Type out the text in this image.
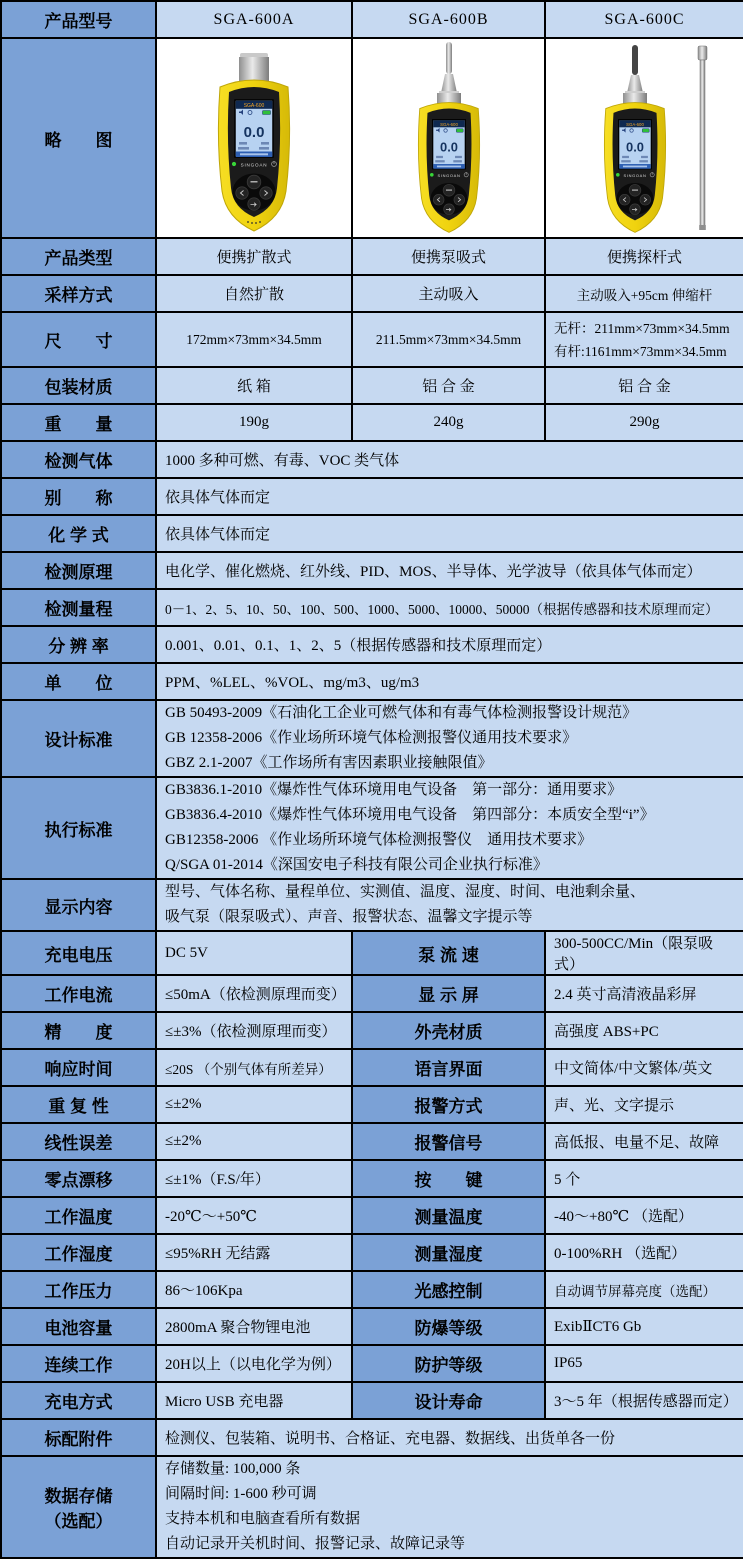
产品型号	SGA-600A	SGA-600B	SGA-600C
略　　图	SGA-600
0.0
SINGOAN	SGA-600
0.0
SINGOAN	SGA-600
0.0
SINGOAN

产品类型	便携扩散式	便携泵吸式	便携探杆式
采样方式	自然扩散	主动吸入	主动吸入+95cm 伸缩杆
尺　　寸	172mm×73mm×34.5mm	211.5mm×73mm×34.5mm	无杆：211mm×73mm×34.5mm
有杆:1161mm×73mm×34.5mm

包装材质	纸 箱	铝 合 金	铝 合 金
重　　量	190g	240g	290g
检测气体	1000 多种可燃、有毒、VOC 类气体		
别　　称	依具体气体而定		
化 学 式	依具体气体而定		
检测原理	电化学、催化燃烧、红外线、PID、MOS、半导体、光学波导（依具体气体而定）		
检测量程	0－1、2、5、10、50、100、500、1000、5000、10000、50000（根据传感器和技术原理而定）		
分 辨 率	0.001、0.01、0.1、1、2、5（根据传感器和技术原理而定）		
单　　位	PPM、%LEL、%VOL、mg/m3、ug/m3		
设计标准	GB 50493-2009《石油化工企业可燃气体和有毒气体检测报警设计规范》
GB 12358-2006《作业场所环境气体检测报警仪通用技术要求》
GBZ 2.1-2007《工作场所有害因素职业接触限值》		

执行标准	GB3836.1-2010《爆炸性气体环境用电气设备　第一部分：通用要求》
GB3836.4-2010《爆炸性气体环境用电气设备　第四部分：本质安全型“i”》
GB12358-2006 《作业场所环境气体检测报警仪　通用技术要求》
Q/SGA 01-2014《深国安电子科技有限公司企业执行标准》		

显示内容	型号、气体名称、量程单位、实测值、温度、湿度、时间、电池剩余量、
吸气泵（限泵吸式）、声音、报警状态、温馨文字提示等		

充电电压	DC 5V	泵 流 速	300-500CC/Min（限泵吸式）
工作电流	≤50mA（依检测原理而变）	显 示 屏	2.4 英寸高清液晶彩屏
精　　度	≤±3%（依检测原理而变）	外壳材质	高强度 ABS+PC
响应时间	≤20S （个别气体有所差异）	语言界面	中文简体/中文繁体/英文
重 复 性	≤±2%	报警方式	声、光、文字提示
线性误差	≤±2%	报警信号	高低报、电量不足、故障
零点漂移	≤±1%（F.S/年）	按　　键	5 个
工作温度	-20℃～+50℃	测量温度	-40～+80℃ （选配）
工作湿度	≤95%RH 无结露	测量湿度	0-100%RH （选配）
工作压力	86～106Kpa	光感控制	自动调节屏幕亮度（选配）
电池容量	2800mA 聚合物锂电池	防爆等级	ExibⅡCT6 Gb
连续工作	20H以上（以电化学为例）	防护等级	IP65
充电方式	Micro USB 充电器	设计寿命	3～5 年（根据传感器而定）
标配附件	检测仪、包装箱、说明书、合格证、充电器、数据线、出货单各一份		

数据存储
（选配）

存储数量: 100,000 条
间隔时间: 1-600 秒可调
支持本机和电脑查看所有数据
自动记录开关机时间、报警记录、故障记录等
